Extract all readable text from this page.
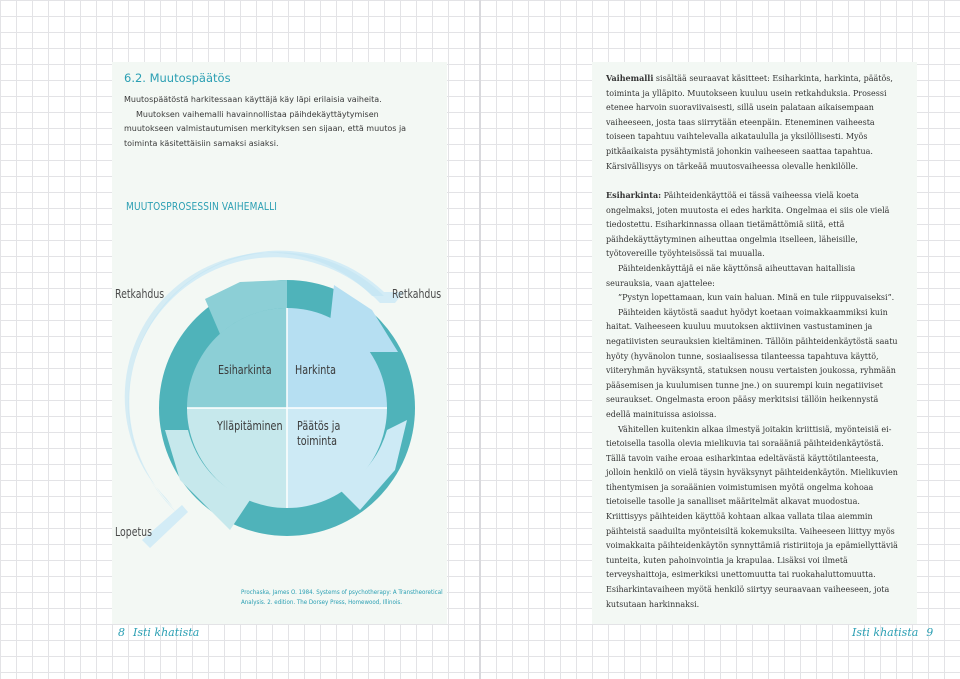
6.2. Muutospäätös

Muutospäätöstä harkitessaan käyttäjä käy läpi erilaisia vaiheita.

Muutoksen vaihemalli havainnollistaa päihdekäyttäytymisen muutokseen valmistautumisen merkityksen sen sijaan, että muutos ja toiminta käsitettäisiin samaksi asiaksi.

MUUTOSPROSESSIN VAIHEMALLI
Esiharkinta Harkinta
Ylläpitäminen Päätös ja
toiminta
Retkahdus	Retkahdus
Lopetus
Prochaska, James O. 1984. Systems of psychotherapy: A Transtheoretical
Analysis. 2. edition. The Dorsey Press, Homewood, Illinois.
8 Isti khatista

Vaihemalli sisältää seuraavat käsitteet: Esiharkinta, harkinta, päätös, toiminta ja ylläpito. Muutokseen kuuluu usein retkahduksia. Prosessi etenee harvoin suoraviivaisesti, sillä usein palataan aikaisempaan vaiheeseen, josta taas siirrytään eteenpäin. Eteneminen vaiheesta toiseen tapahtuu vaihtelevalla aikataululla ja yksilöllisesti. Myös pitkäaikaista pysähtymistä johonkin vaiheeseen saattaa tapahtua. Kärsivällisyys on tärkeää muutosvaiheessa olevalle henkilölle.

Esiharkinta: Päihteidenkäyttöä ei tässä vaiheessa vielä koeta ongelmaksi, joten muutosta ei edes harkita. Ongelmaa ei siis ole vielä tiedostettu. Esiharkinnassa ollaan tietämättömiä siitä, että päihdekäyttäytyminen aiheuttaa ongelmia itselleen, läheisille, työtovereille työyhteisössä tai muualla.

Päihteidenkäyttäjä ei näe käyttönsä aiheuttavan haitallisia seurauksia, vaan ajattelee:

”Pystyn lopettamaan, kun vain haluan. Minä en tule riippuvaiseksi”.

Päihteiden käytöstä saadut hyödyt koetaan voimakkaammiksi kuin haitat. Vaiheeseen kuuluu muutoksen aktiivinen vastustaminen ja negatiivisten seurauksien kieltäminen. Tällöin päihteidenkäytöstä saatu hyöty (hyvänolon tunne, sosiaalisessa tilanteessa tapahtuva käyttö, viiteryhmän hyväksyntä, statuksen nousu vertaisten joukossa, ryhmään pääsemisen ja kuulumisen tunne jne.) on suurempi kuin negatiiviset seuraukset. Ongelmasta eroon pääsy merkitsisi tällöin heikennystä edellä mainituissa asioissa.

Vähitellen kuitenkin alkaa ilmestyä joitakin kriittisiä, myönteisiä ei-tietoisella tasolla olevia mielikuvia tai soraääniä päihteidenkäytöstä. Tällä tavoin vaihe eroaa esiharkintaa edeltävästä käyttötilanteesta, jolloin henkilö on vielä täysin hyväksynyt päihteidenkäytön. Mielikuvien tihentymisen ja soraäänien voimistumisen myötä ongelma kohoaa tietoiselle tasolle ja sanalliset määritelmät alkavat muodostua. Kriittisyys päihteiden käyttöä kohtaan alkaa vallata tilaa aiemmin päihteistä saaduilta myönteisiltä kokemuksilta. Vaiheeseen liittyy myös voimakkaita päihteidenkäytön synnyttämiä ristiriitoja ja epämiellyttäviä tunteita, kuten pahoinvointia ja krapulaa. Lisäksi voi ilmetä terveyshaittoja, esimerkiksi unettomuutta tai ruokahaluttomuutta. Esiharkintavaiheen myötä henkilö siirtyy seuraavaan vaiheeseen, jota kutsutaan harkinnaksi.

Isti khatista 9
